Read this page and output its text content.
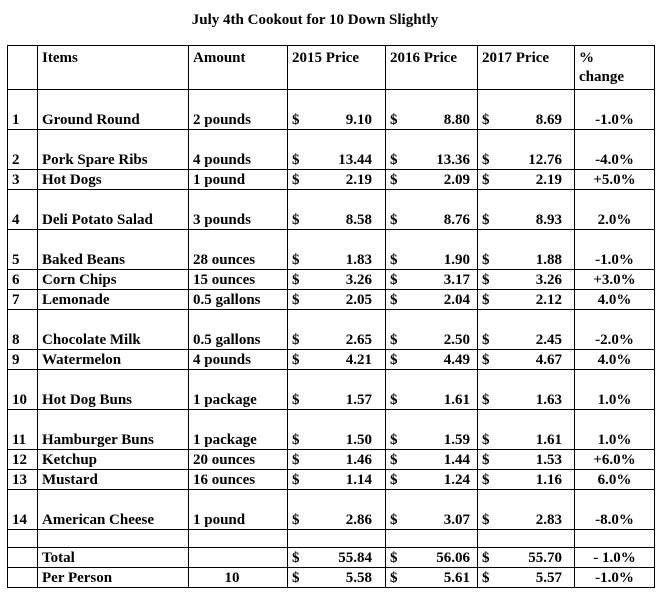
July 4th Cookout for 10 Down Slightly
	Items	Amount	2015 Price	2016 Price	2017 Price	%
change

1	Ground Round	2 pounds	$ 9.10	$ 8.80	$ 8.69	-1.0%
2	Pork Spare Ribs	4 pounds	$ 13.44	$ 13.36	$ 12.76	-4.0%
3	Hot Dogs	1 pound	$ 2.19	$ 2.09	$ 2.19	+5.0%
4	Deli Potato Salad	3 pounds	$ 8.58	$ 8.76	$ 8.93	2.0%
5	Baked Beans	28 ounces	$ 1.83	$ 1.90	$ 1.88	-1.0%
6	Corn Chips	15 ounces	$ 3.26	$ 3.17	$ 3.26	+3.0%
7	Lemonade	0.5 gallons	$ 2.05	$ 2.04	$ 2.12	4.0%
8	Chocolate Milk	0.5 gallons	$ 2.65	$ 2.50	$ 2.45	-2.0%
9	Watermelon	4 pounds	$ 4.21	$ 4.49	$ 4.67	4.0%
10	Hot Dog Buns	1 package	$ 1.57	$ 1.61	$ 1.63	1.0%
11	Hamburger Buns	1 package	$ 1.50	$ 1.59	$ 1.61	1.0%
12	Ketchup	20 ounces	$ 1.46	$ 1.44	$ 1.53	+6.0%
13	Mustard	16 ounces	$ 1.14	$ 1.24	$ 1.16	6.0%
14	American Cheese	1 pound	$ 2.86	$ 3.07	$ 2.83	-8.0%

	Total		$ 55.84	$ 56.06	$ 55.70	- 1.0%
	Per Person	10	$ 5.58	$ 5.61	$ 5.57	-1.0%
